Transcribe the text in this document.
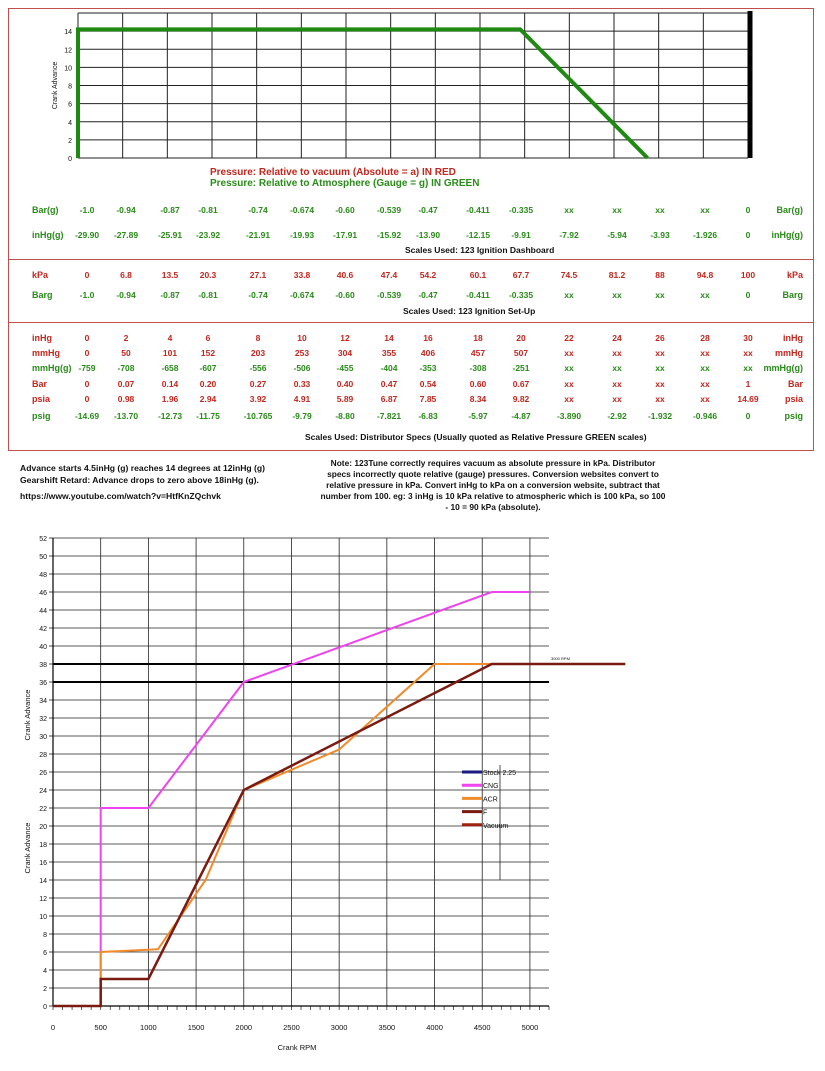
0
2
4
6
8
10
12
14
Crank Advance
Pressure: Relative to vacuum (Absolute = a) IN RED
Pressure: Relative to Atmosphere (Gauge = g) IN GREEN
Bar(g) -1.0	-0.94	-0.87 -0.81	-0.74	-0.674	-0.60	-0.539 -0.47	-0.411 -0.335	xx	xx	xx	xx	0	Bar(g)
inHg(g) -29.90 -27.89 -25.91 -23.92	-21.91 -19.93 -17.91 -15.92 -13.90	-12.15	-9.91	-7.92	-5.94	-3.93	-1.926	0 inHg(g)
kPa	0	6.8	13.5	20.3	27.1	33.8	40.6	47.4	54.2	60.1	67.7	74.5	81.2	88	94.8	100	kPa
Barg	-1.0	-0.94	-0.87 -0.81	-0.74	-0.674	-0.60	-0.539 -0.47	-0.411 -0.335	xx	xx	xx	xx	0	Barg
inHg	0	2	4	6	8	10	12	14	16	18	20	22	24	26	28	30	inHg
mmHg	0	50	101	152	203	253	304	355	406	457	507	xx	xx	xx	xx	xx mmHg
mmHg(g) -759	-708	-658 -607	-556	-506	-455	-404	-353	-308	-251	xx	xx	xx	xx	xx mmHg(g)
Bar	0	0.07	0.14	0.20	0.27	0.33	0.40	0.47	0.54	0.60	0.67	xx	xx	xx	xx	1	Bar
psia	0	0.98	1.96	2.94	3.92	4.91	5.89	6.87	7.85	8.34	9.82	xx	xx	xx	xx	14.69	psia
psig	-14.69 -13.70 -12.73 -11.75	-10.765 -9.79	-8.80	-7.821 -6.83	-5.97	-4.87	-3.890	-2.92	-1.932 -0.946	0	psig
Scales Used: 123 Ignition Dashboard
Scales Used: 123 Ignition Set-Up
Scales Used: Distributor Specs (Usually quoted as Relative Pressure GREEN scales)
Advance starts 4.5inHg (g) reaches 14 degrees at 12inHg (g)
Gearshift Retard: Advance drops to zero above 18inHg (g).
https://www.youtube.com/watch?v=HtfKnZQchvk
Note: 123Tune correctly requires vacuum as absolute pressure in kPa. Distributor specs incorrectly quote relative (gauge) pressures. Conversion websites convert to relative pressure in kPa. Convert inHg to kPa on a conversion website, subtract that number from 100. eg: 3 inHg is 10 kPa relative to atmospheric which is 100 kPa, so 100 - 10 = 90 kPa (absolute).
0
2
4
6
8
10
12
14
16
18
20
22
24
26
28
30
32
34
36
38
40
42
44
46
48
50
52
0	500	1000	1500	2000	2500	3000	3500	4000	4500	5000
3000 RPM
Crank RPM
Crank Advance
Crank Advance
Stock 2.25
CNG
ACR
F
Vacuum
